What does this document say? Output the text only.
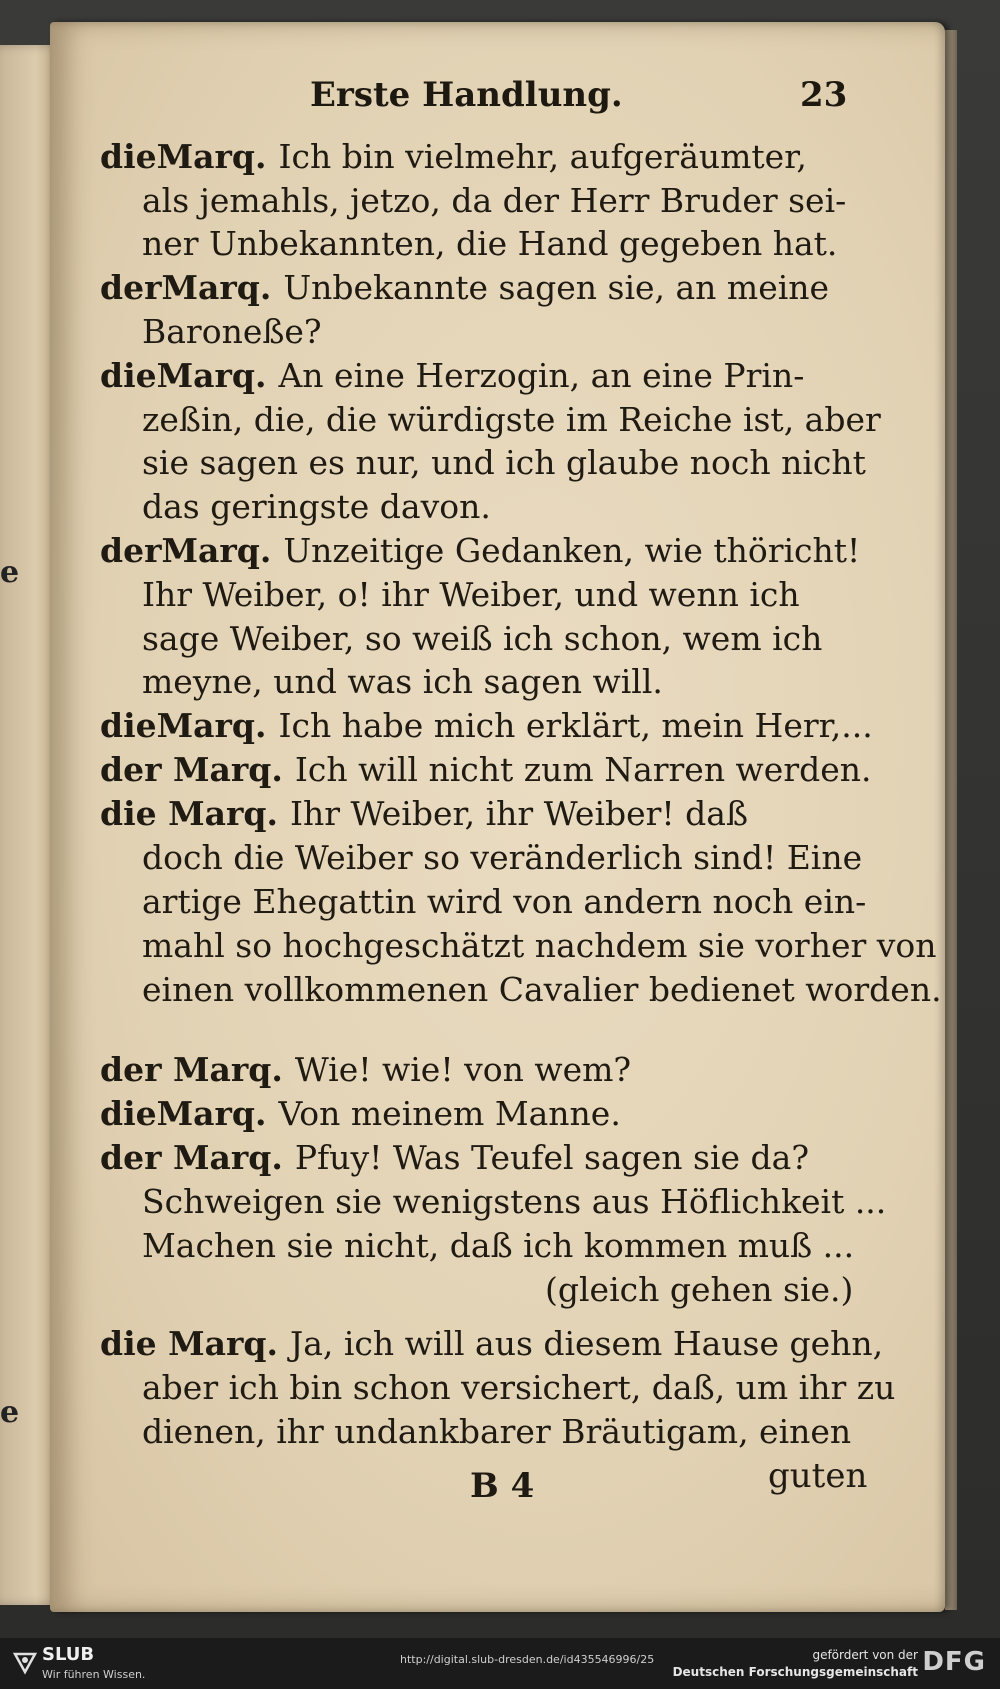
e
e
Erste Handlung.	23
dieMarq. Ich bin vielmehr, aufgeräumter,
als jemahls, jetzo, da der Herr Bruder sei-
ner Unbekannten, die Hand gegeben hat.
derMarq. Unbekannte sagen sie, an meine
Baroneße?
dieMarq. An eine Herzogin, an eine Prin-
zeßin, die, die würdigste im Reiche ist, aber
sie sagen es nur, und ich glaube noch nicht
das geringste davon.
derMarq. Unzeitige Gedanken, wie thöricht!
Ihr Weiber, o! ihr Weiber, und wenn ich
sage Weiber, so weiß ich schon, wem ich
meyne, und was ich sagen will.
dieMarq. Ich habe mich erklärt, mein Herr,...
der Marq. Ich will nicht zum Narren werden.
die Marq. Ihr Weiber, ihr Weiber! daß
doch die Weiber so veränderlich sind! Eine
artige Ehegattin wird von andern noch ein-
mahl so hochgeschätzt nachdem sie vorher von
einen vollkommenen Cavalier bedienet worden.
der Marq. Wie! wie! von wem?
dieMarq. Von meinem Manne.
der Marq. Pfuy! Was Teufel sagen sie da?
Schweigen sie wenigstens aus Höflichkeit ...
Machen sie nicht, daß ich kommen muß ...
(gleich gehen sie.)
die Marq. Ja, ich will aus diesem Hause gehn,
aber ich bin schon versichert, daß, um ihr zu
dienen, ihr undankbarer Bräutigam, einen
B 4	guten
SLUB
Wir führen Wissen.
http://digital.slub-dresden.de/id435546996/25	gefördert von der
Deutschen Forschungsgemeinschaft DFG
